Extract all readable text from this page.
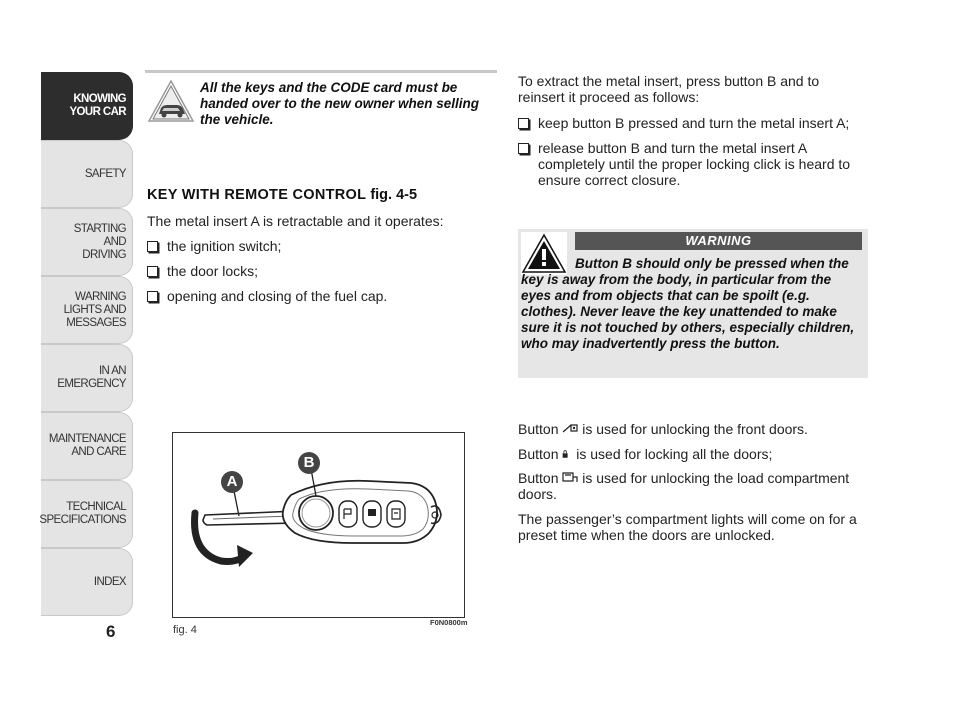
KNOWING
YOUR CAR
SAFETY
STARTING
AND
DRIVING
WARNING
LIGHTS AND
MESSAGES
IN AN
EMERGENCY
MAINTENANCE
AND CARE
TECHNICAL
SPECIFICATIONS
INDEX
6
All the keys and the CODE card must be handed over to the new owner when selling the vehicle.
KEY WITH REMOTE CONTROL fig. 4-5
The metal insert A is retractable and it operates:
the ignition switch;
the door locks;
opening and closing of the fuel cap.
B
A
F0N0800m
fig. 4
To extract the metal insert, press button B and to reinsert it proceed as follows:
keep button B pressed and turn the metal insert A;
release button B and turn the metal insert A completely until the proper locking click is heard to ensure correct closure.
WARNING
Button B should only be pressed when the key is away from the body, in particular from the eyes and from objects that can be spoilt (e.g. clothes). Never leave the key unattended to make sure it is not touched by others, especially children, who may inadvertently press the button.
Button is used for unlocking the front doors.
Button is used for locking all the doors;
Button is used for unlocking the load compartment doors.
The passenger’s compartment lights will come on for a preset time when the doors are unlocked.
